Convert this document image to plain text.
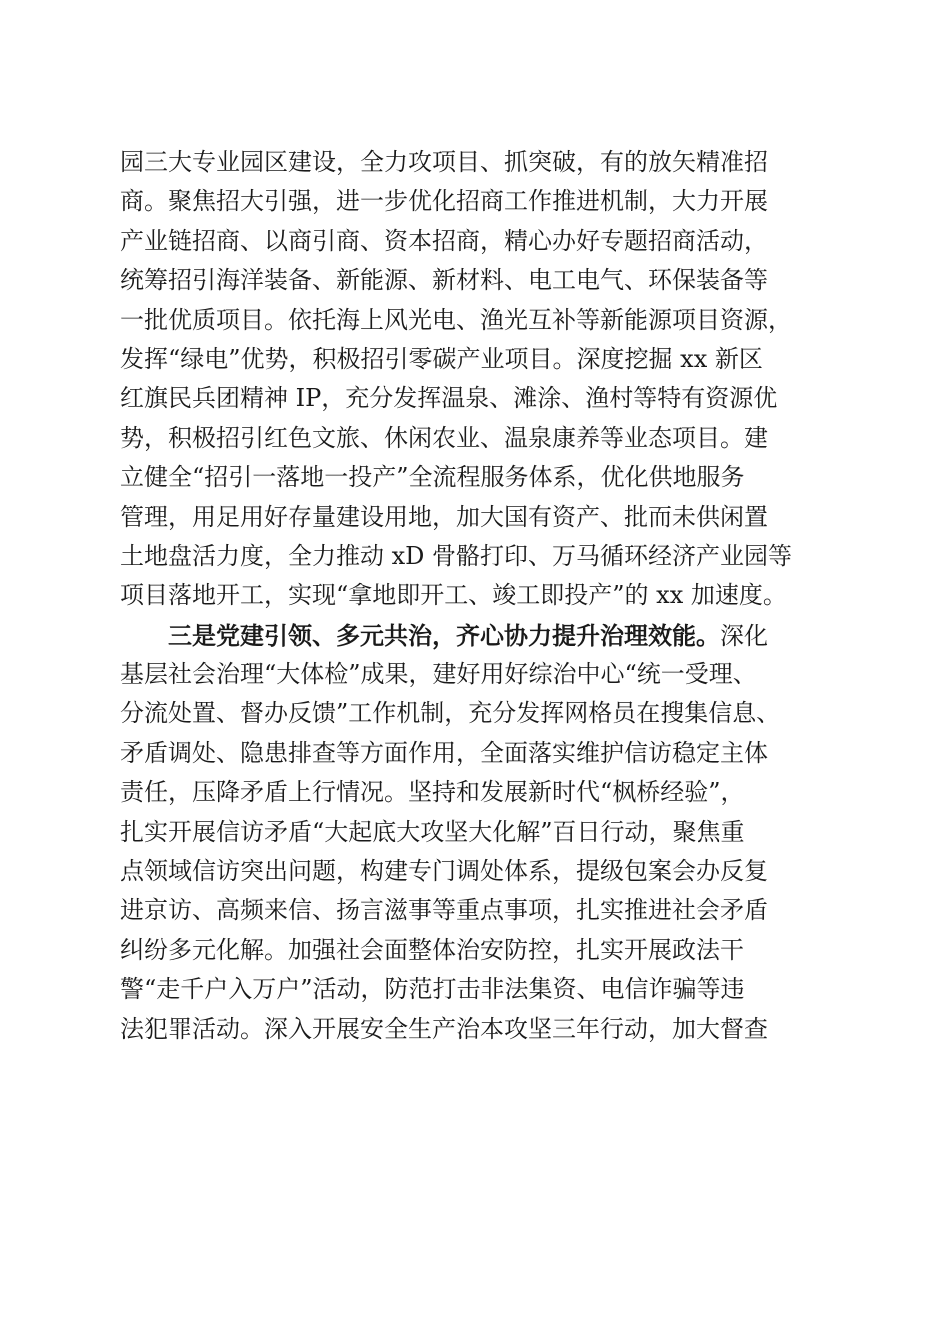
园三大专业园区建设，全力攻项目、抓突破，有的放矢精准招
商。聚焦招大引强，进一步优化招商工作推进机制，大力开展
产业链招商、以商引商、资本招商，精心办好专题招商活动，
统筹招引海洋装备、新能源、新材料、电工电气、环保装备等
一批优质项目。依托海上风光电、渔光互补等新能源项目资源，
发挥“绿电”优势，积极招引零碳产业项目。深度挖掘 xx 新区
红旗民兵团精神 IP，充分发挥温泉、滩涂、渔村等特有资源优
势，积极招引红色文旅、休闲农业、温泉康养等业态项目。建
立健全“招引一落地一投产”全流程服务体系，优化供地服务
管理，用足用好存量建设用地，加大国有资产、批而未供闲置
土地盘活力度，全力推动 xD 骨骼打印、万马循环经济产业园等
项目落地开工，实现“拿地即开工、竣工即投产”的 xx 加速度。
三是党建引领、多元共治，齐心协力提升治理效能。深化
基层社会治理“大体检”成果，建好用好综治中心“统一受理、
分流处置、督办反馈”工作机制，充分发挥网格员在搜集信息、
矛盾调处、隐患排查等方面作用，全面落实维护信访稳定主体
责任，压降矛盾上行情况。坚持和发展新时代“枫桥经验”，
扎实开展信访矛盾“大起底大攻坚大化解”百日行动，聚焦重
点领域信访突出问题，构建专门调处体系，提级包案会办反复
进京访、高频来信、扬言滋事等重点事项，扎实推进社会矛盾
纠纷多元化解。加强社会面整体治安防控，扎实开展政法干
警“走千户入万户”活动，防范打击非法集资、电信诈骗等违
法犯罪活动。深入开展安全生产治本攻坚三年行动，加大督查
